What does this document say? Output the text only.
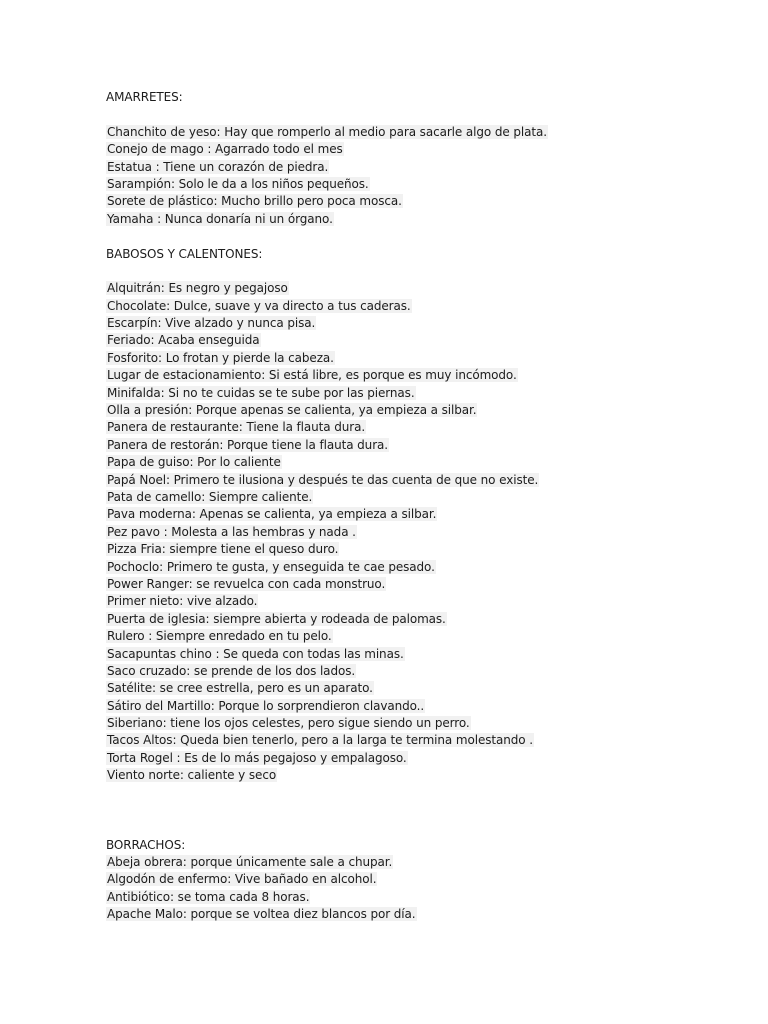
AMARRETES:
Chanchito de yeso: Hay que romperlo al medio para sacarle algo de plata.
Conejo de mago : Agarrado todo el mes
Estatua : Tiene un corazón de piedra.
Sarampión: Solo le da a los niños pequeños.
Sorete de plástico: Mucho brillo pero poca mosca.
Yamaha : Nunca donaría ni un órgano.
BABOSOS Y CALENTONES:
Alquitrán: Es negro y pegajoso
Chocolate: Dulce, suave y va directo a tus caderas.
Escarpín: Vive alzado y nunca pisa.
Feriado: Acaba enseguida
Fosforito: Lo frotan y pierde la cabeza.
Lugar de estacionamiento: Si está libre, es porque es muy incómodo.
Minifalda: Si no te cuidas se te sube por las piernas.
Olla a presión: Porque apenas se calienta, ya empieza a silbar.
Panera de restaurante: Tiene la flauta dura.
Panera de restorán: Porque tiene la flauta dura.
Papa de guiso: Por lo caliente
Papá Noel: Primero te ilusiona y después te das cuenta de que no existe.
Pata de camello: Siempre caliente.
Pava moderna: Apenas se calienta, ya empieza a silbar.
Pez pavo : Molesta a las hembras y nada .
Pizza Fria: siempre tiene el queso duro.
Pochoclo: Primero te gusta, y enseguida te cae pesado.
Power Ranger: se revuelca con cada monstruo.
Primer nieto: vive alzado.
Puerta de iglesia: siempre abierta y rodeada de palomas.
Rulero : Siempre enredado en tu pelo.
Sacapuntas chino : Se queda con todas las minas.
Saco cruzado: se prende de los dos lados.
Satélite: se cree estrella, pero es un aparato.
Sátiro del Martillo: Porque lo sorprendieron clavando..
Siberiano: tiene los ojos celestes, pero sigue siendo un perro.
Tacos Altos: Queda bien tenerlo, pero a la larga te termina molestando .
Torta Rogel : Es de lo más pegajoso y empalagoso.
Viento norte: caliente y seco
BORRACHOS:
Abeja obrera: porque únicamente sale a chupar.
Algodón de enfermo: Vive bañado en alcohol.
Antibiótico: se toma cada 8 horas.
Apache Malo: porque se voltea diez blancos por día.
